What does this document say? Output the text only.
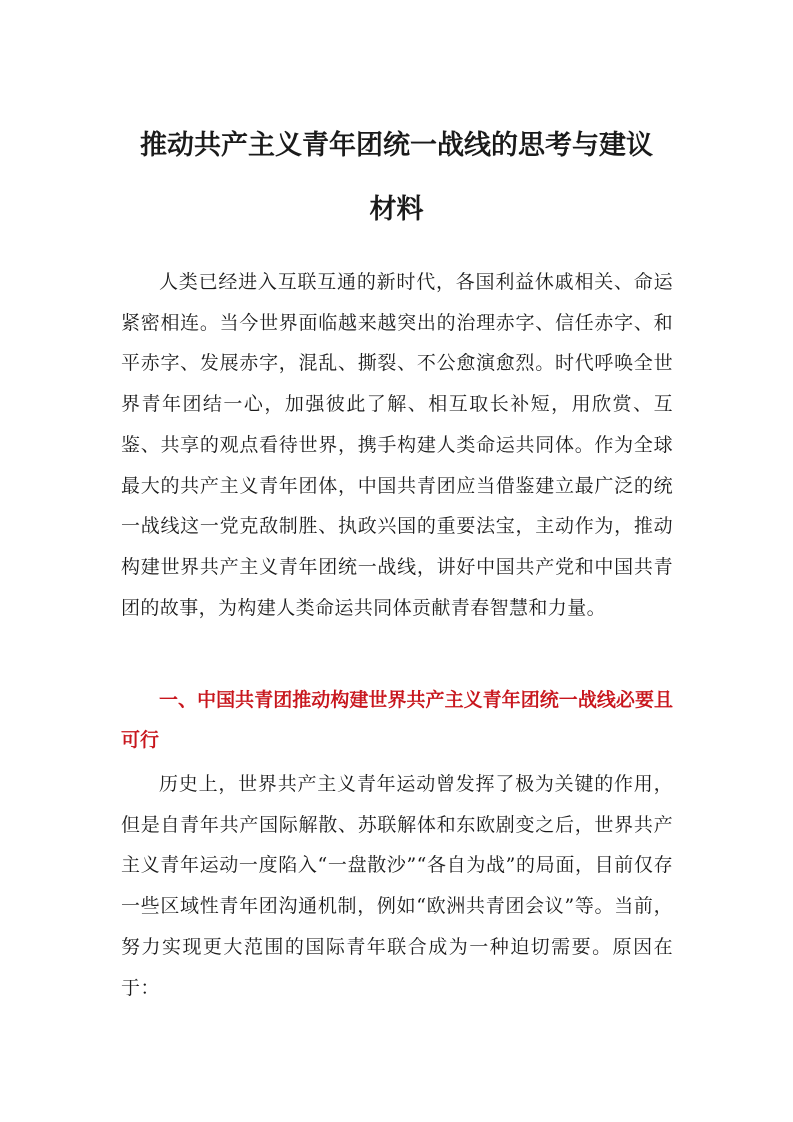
推动共产主义青年团统一战线的思考与建议
材料

人类已经进入互联互通的新时代，各国利益休戚相关、命运紧密相连。当今世界面临越来越突出的治理赤字、信任赤字、和平赤字、发展赤字，混乱、撕裂、不公愈演愈烈。时代呼唤全世界青年团结一心，加强彼此了解、相互取长补短，用欣赏、互鉴、共享的观点看待世界，携手构建人类命运共同体。作为全球最大的共产主义青年团体，中国共青团应当借鉴建立最广泛的统一战线这一党克敌制胜、执政兴国的重要法宝，主动作为，推动构建世界共产主义青年团统一战线，讲好中国共产党和中国共青团的故事，为构建人类命运共同体贡献青春智慧和力量。

一、中国共青团推动构建世界共产主义青年团统一战线必要且可行

历史上，世界共产主义青年运动曾发挥了极为关键的作用，但是自青年共产国际解散、苏联解体和东欧剧变之后，世界共产主义青年运动一度陷入“一盘散沙”“各自为战”的局面，目前仅存一些区域性青年团沟通机制，例如“欧洲共青团会议”等。当前，努力实现更大范围的国际青年联合成为一种迫切需要。原因在于：
